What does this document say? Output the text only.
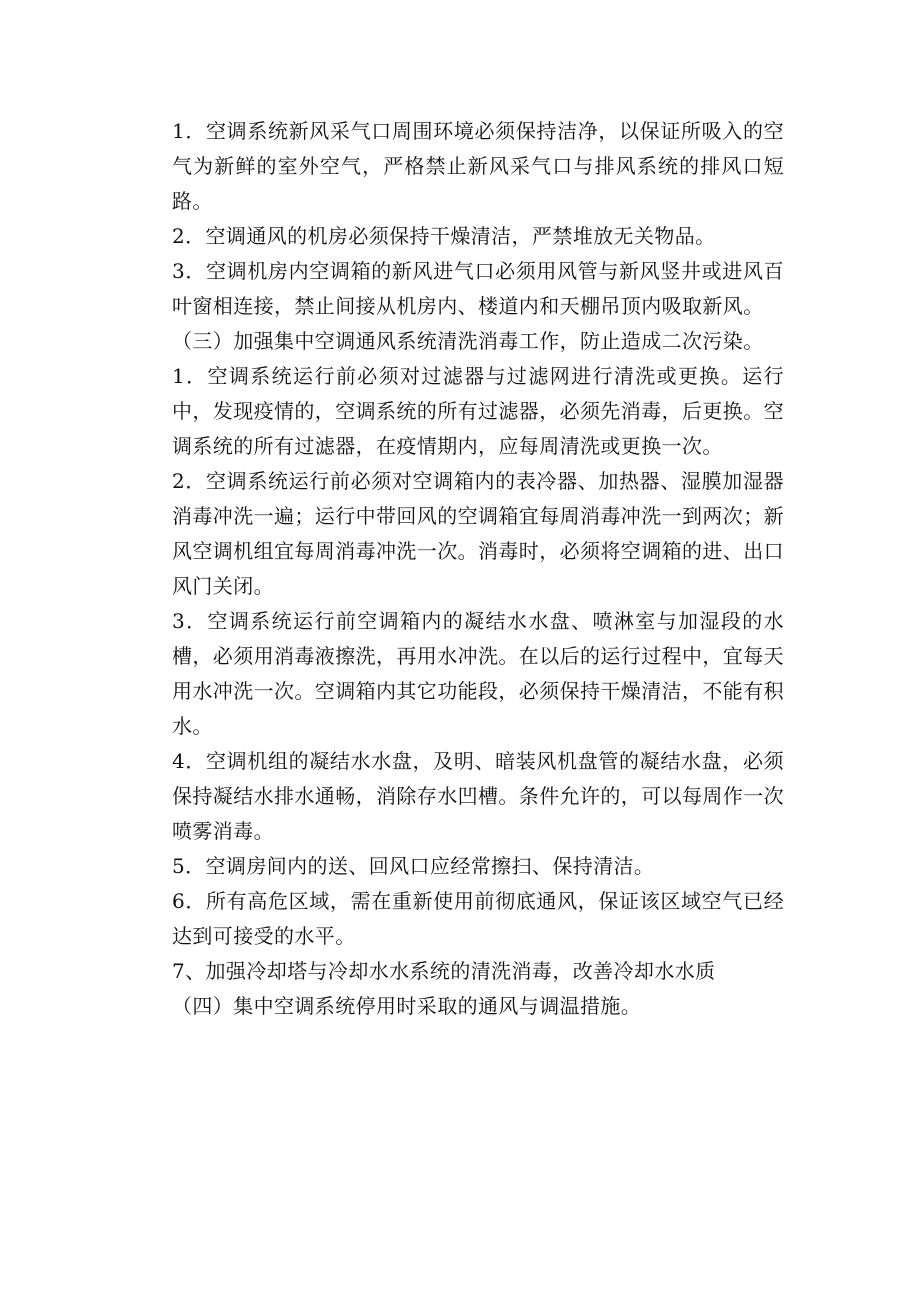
1．空调系统新风采气口周围环境必须保持洁净，以保证所吸入的空气为新鲜的室外空气，严格禁止新风采气口与排风系统的排风口短路。

2．空调通风的机房必须保持干燥清洁，严禁堆放无关物品。

3．空调机房内空调箱的新风进气口必须用风管与新风竖井或进风百叶窗相连接，禁止间接从机房内、楼道内和天棚吊顶内吸取新风。

（三）加强集中空调通风系统清洗消毒工作，防止造成二次污染。

1．空调系统运行前必须对过滤器与过滤网进行清洗或更换。运行中，发现疫情的，空调系统的所有过滤器，必须先消毒，后更换。空调系统的所有过滤器，在疫情期内，应每周清洗或更换一次。

2．空调系统运行前必须对空调箱内的表冷器、加热器、湿膜加湿器消毒冲洗一遍；运行中带回风的空调箱宜每周消毒冲洗一到两次；新风空调机组宜每周消毒冲洗一次。消毒时，必须将空调箱的进、出口风门关闭。

3．空调系统运行前空调箱内的凝结水水盘、喷淋室与加湿段的水槽，必须用消毒液擦洗，再用水冲洗。在以后的运行过程中，宜每天用水冲洗一次。空调箱内其它功能段，必须保持干燥清洁，不能有积水。

4．空调机组的凝结水水盘，及明、暗装风机盘管的凝结水盘，必须保持凝结水排水通畅，消除存水凹槽。条件允许的，可以每周作一次喷雾消毒。

5．空调房间内的送、回风口应经常擦扫、保持清洁。

6．所有高危区域，需在重新使用前彻底通风，保证该区域空气已经达到可接受的水平。

7、加强冷却塔与冷却水水系统的清洗消毒，改善冷却水水质

（四）集中空调系统停用时采取的通风与调温措施。
